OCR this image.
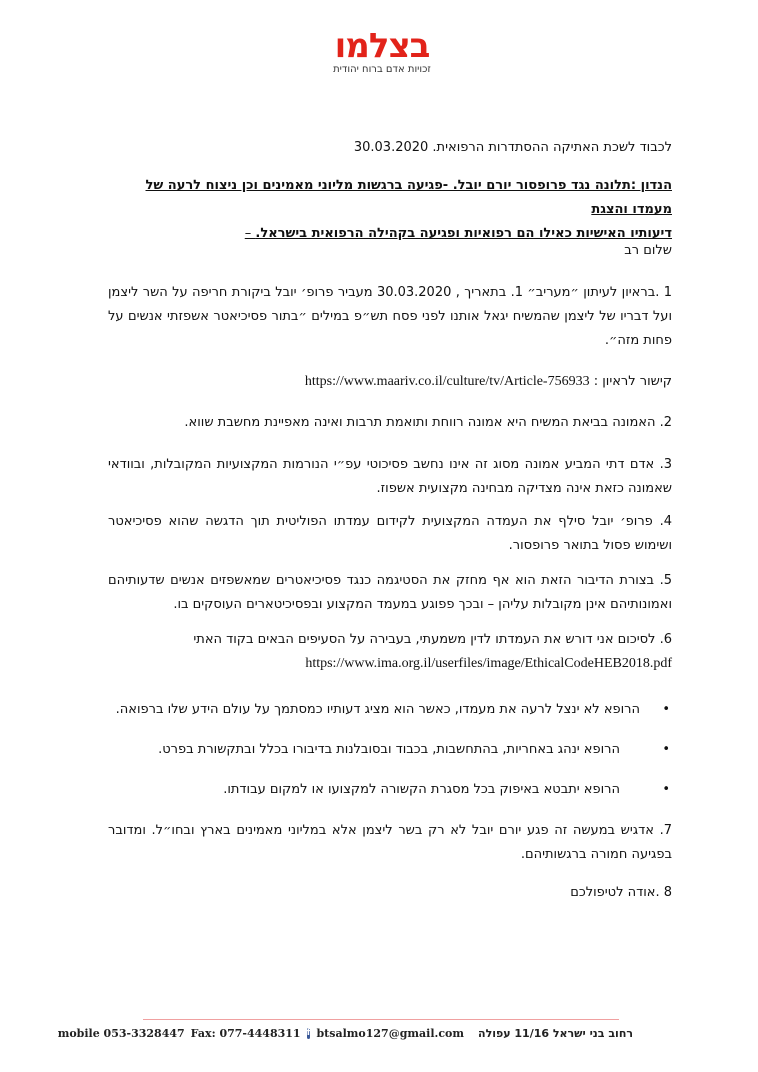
בצלמו
זכויות אדם ברוח יהודית
לכבוד לשכת האתיקה ההסתדרות הרפואית. 30.03.2020
הנדון :תלונה נגד פרופסור יורם יובל. -פגיעה ברגשות מליוני מאמינים וכן ניצוח לרעה של מעמדו והצגת
דיעותיו האישיות כאילו הם רפואיות ופגיעה בקהילה הרפואית בישראל. –
שלום רב
1 .בראיון לעיתון ״מעריב״ 1. בתאריך , 30.03.2020 מעביר פרופ׳ יובל ביקורת חריפה על השר ליצמן ועל דבריו של ליצמן שהמשיח יגאל אותנו לפני פסח תש״פ במילים ״בתור פסיכיאטר אשפזתי אנשים על פחות מזה״.
קישור לראיון : https://www.maariv.co.il/culture/tv/Article-756933
2. האמונה בביאת המשיח היא אמונה רווחת ותואמת תרבות ואינה מאפיינת מחשבת שווא.
3. אדם דתי המביע אמונה מסוג זה אינו נחשב פסיכוטי עפ״י הנורמות המקצועיות המקובלות, ובוודאי שאמונה כזאת אינה מצדיקה מבחינה מקצועית אשפוז.
4. פרופ׳ יובל סילף את העמדה המקצועית לקידום עמדתו הפוליטית תוך הדגשה שהוא פסיכיאטר ושימוש פסול בתואר פרופסור.
5. בצורת הדיבור הזאת הוא אף מחזק את הסטיגמה כנגד פסיכיאטרים שמאשפזים אנשים שדעותיהם ואמונותיהם אינן מקובלות עליהן – ובכך פפוגע במעמד המקצוע ובפסיכיטארים העוסקים בו.
6. לסיכום אני דורש את העמדתו לדין משמעתי, בעבירה על הסעיפים הבאים בקוד האתי
https://www.ima.org.il/userfiles/image/EthicalCodeHEB2018.pdf
•
הרופא לא ינצל לרעה את מעמדו, כאשר הוא מציג דעותיו כמסתמך על עולם הידע שלו ברפואה.
•
הרופא ינהג באחריות, בהתחשבות, בכבוד ובסובלנות בדיבורו בכלל ובתקשורת בפרט.
•
הרופא יתבטא באיפוק בכל מסגרת הקשורה למקצועו או למקום עבודתו.
7. אדגיש במעשה זה פגע יורם יובל לא רק בשר ליצמן אלא במליוני מאמינים בארץ ובחו״ל. ומדובר בפגיעה חמורה ברגשותיהם.
8 .אודה לטיפולכם
mobile 053-3328447 Fax: 077-4448311 f btsalmo127@gmail.com רחוב בני ישראל 11/16 עפולה
